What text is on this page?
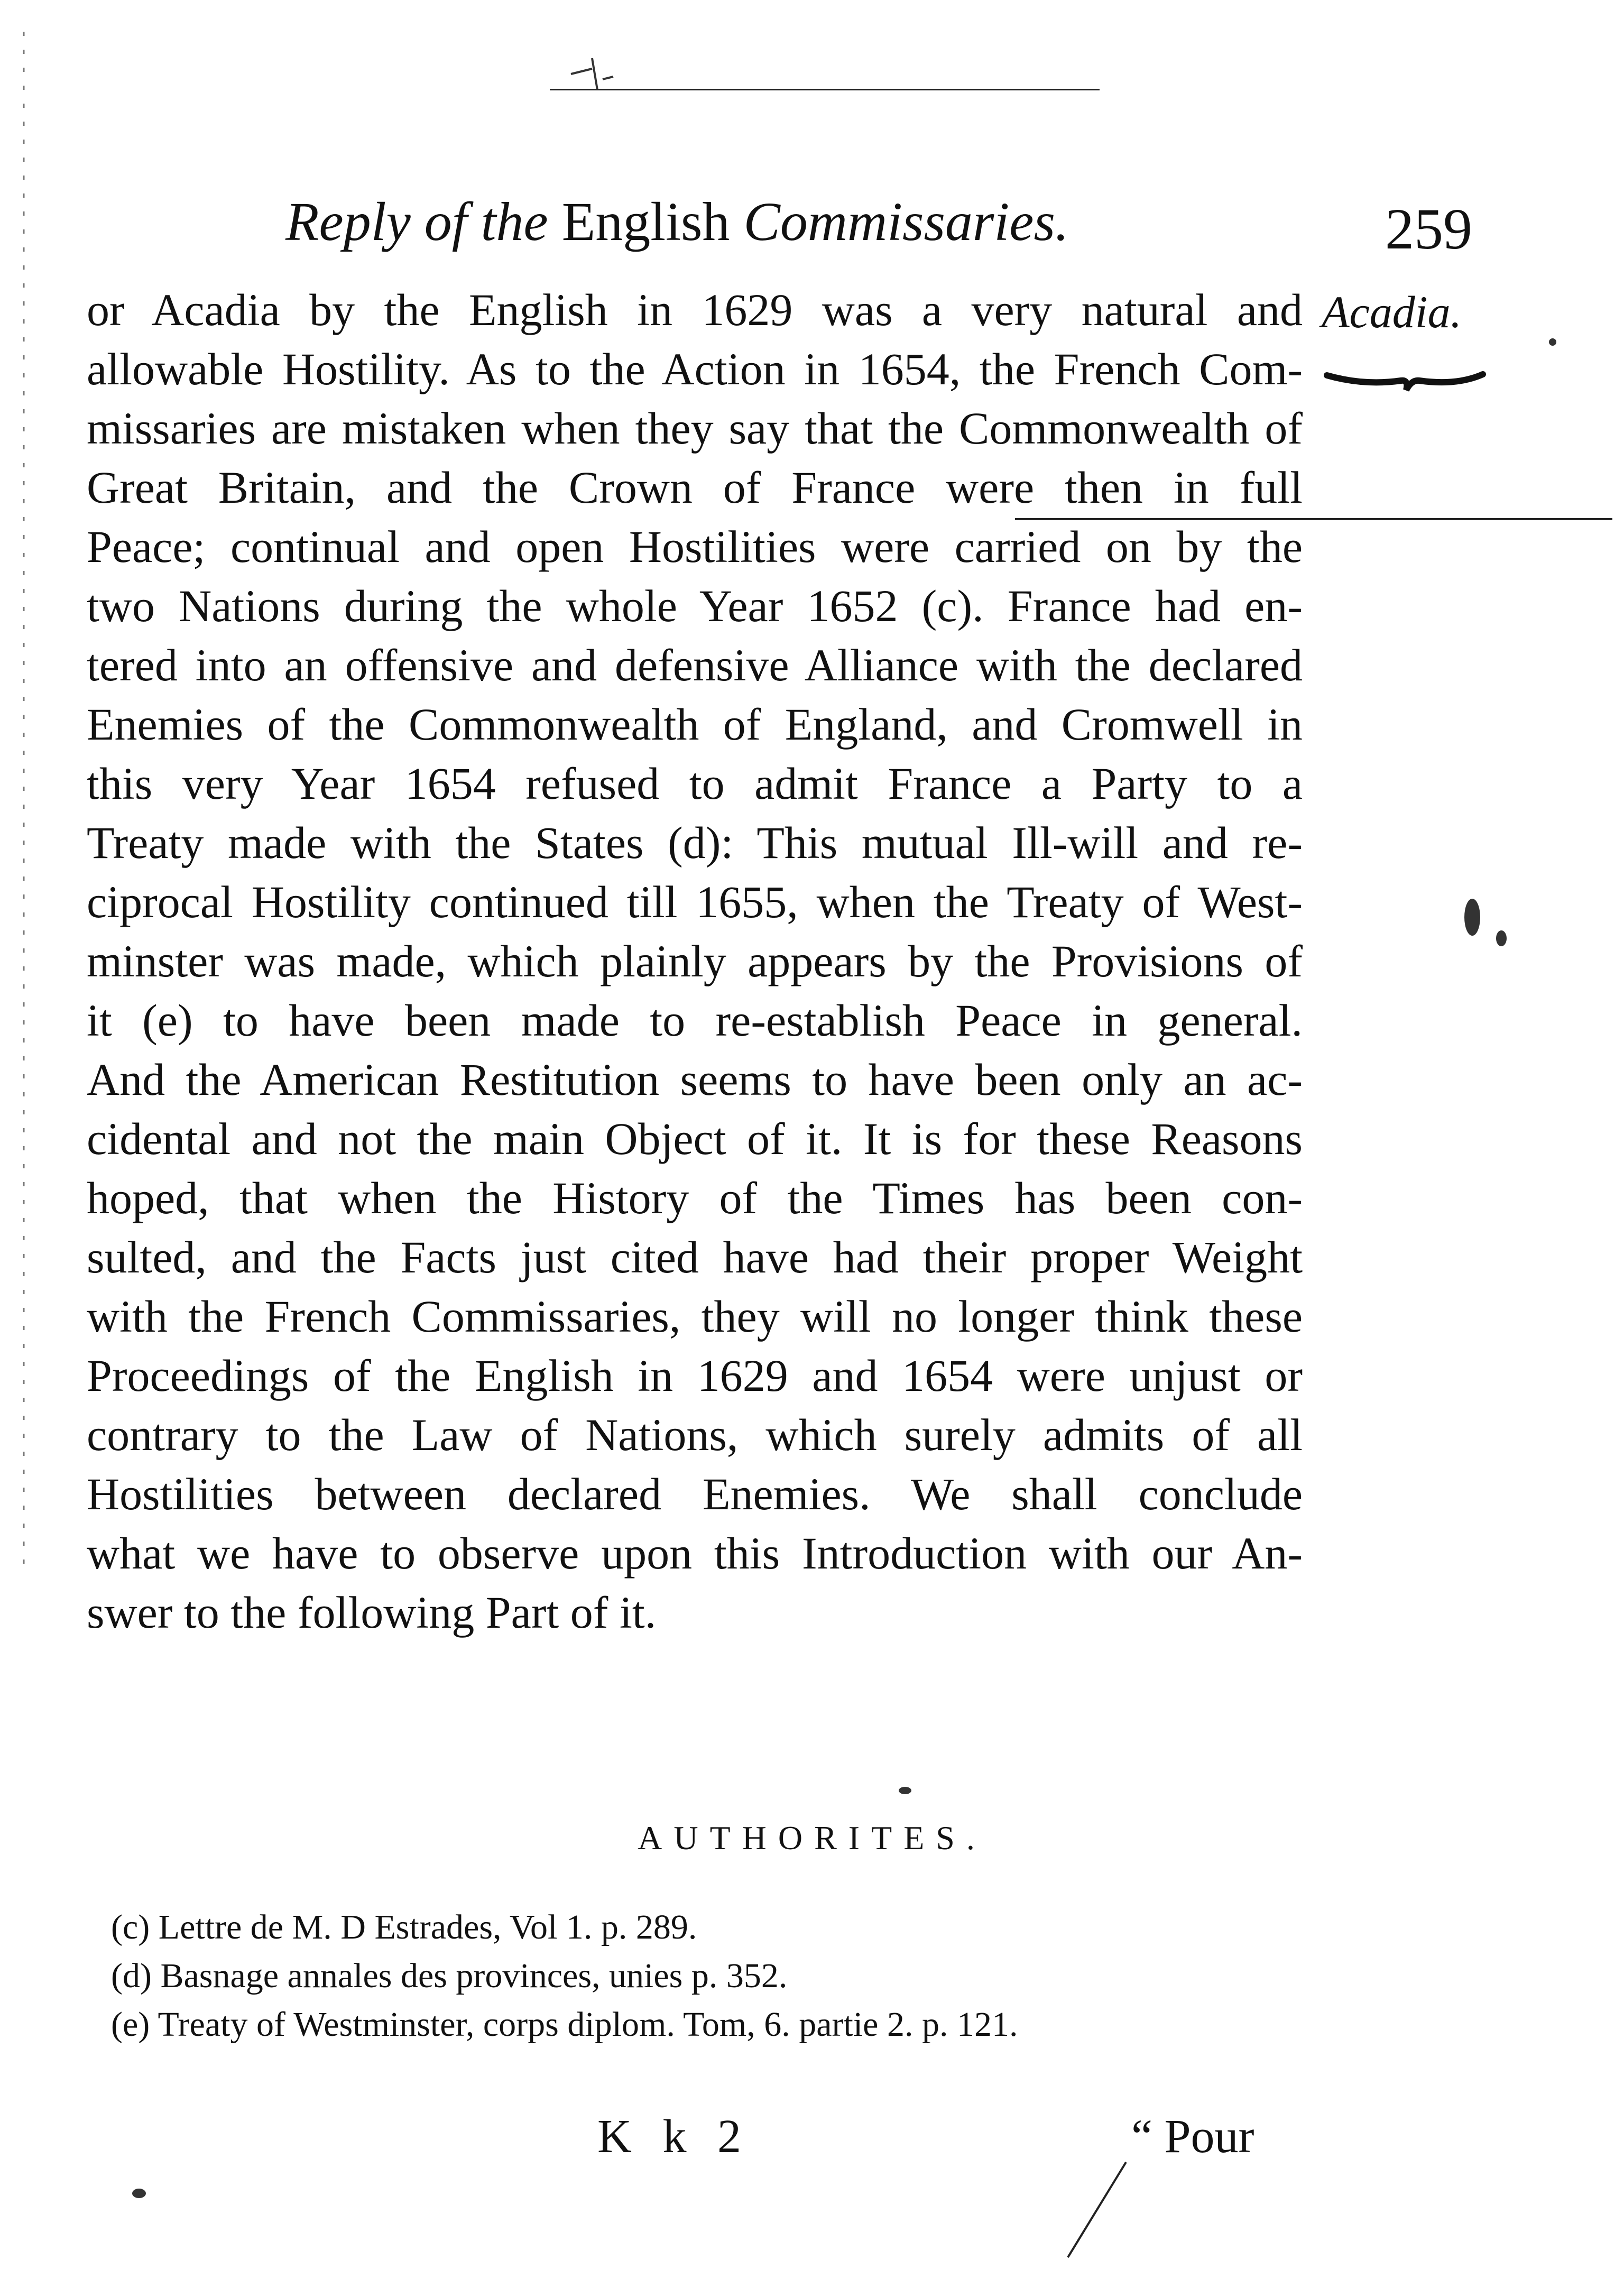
Reply of the English Commissaries.	259
Acadia.
or Acadia by the English in 1629 was a very natural and
allowable Hostility. As to the Action in 1654, the French Com-
missaries are mistaken when they say that the Commonwealth of
Great Britain, and the Crown of France were then in full
Peace; continual and open Hostilities were carried on by the
two Nations during the whole Year 1652 (c). France had en-
tered into an offensive and defensive Alliance with the declared
Enemies of the Commonwealth of England, and Cromwell in
this very Year 1654 refused to admit France a Party to a
Treaty made with the States (d): This mutual Ill-will and re-
ciprocal Hostility continued till 1655, when the Treaty of West-
minster was made, which plainly appears by the Provisions of
it (e) to have been made to re-establish Peace in general.
And the American Restitution seems to have been only an ac-
cidental and not the main Object of it. It is for these Reasons
hoped, that when the History of the Times has been con-
sulted, and the Facts just cited have had their proper Weight
with the French Commissaries, they will no longer think these
Proceedings of the English in 1629 and 1654 were unjust or
contrary to the Law of Nations, which surely admits of all
Hostilities between declared Enemies. We shall conclude
what we have to observe upon this Introduction with our An-
swer to the following Part of it.
AUTHORITES.
(c) Lettre de M. D Estrades, Vol 1. p. 289.
(d) Basnage annales des provinces, unies p. 352.
(e) Treaty of Westminster, corps diplom. Tom, 6. partie 2. p. 121.
K k 2	“ Pour
